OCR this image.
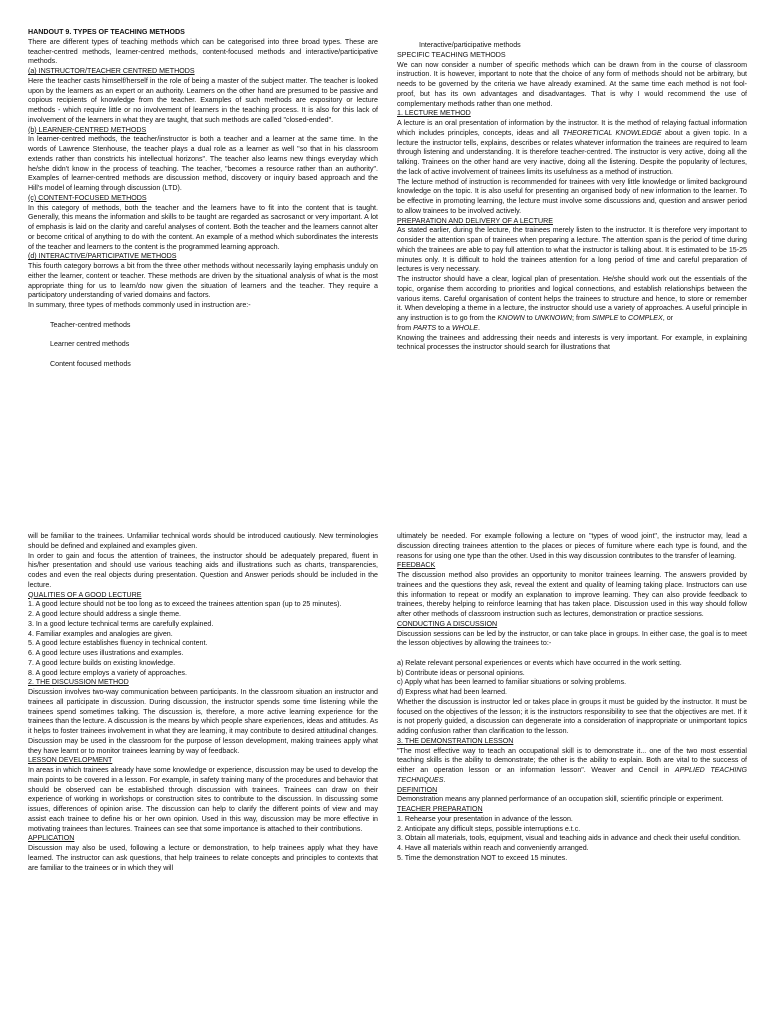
HANDOUT 9. TYPES OF TEACHING METHODS

There are different types of teaching methods which can be categorised into three broad types. These are teacher-centred methods, learner-centred methods, content-focused methods and interactive/participative methods.

(a) INSTRUCTOR/TEACHER CENTRED METHODS

Here the teacher casts himself/herself in the role of being a master of the subject matter. The teacher is looked upon by the learners as an expert or an authority. Learners on the other hand are presumed to be passive and copious recipients of knowledge from the teacher. Examples of such methods are expository or lecture methods - which require little or no involvement of learners in the teaching process. It is also for this lack of involvement of the learners in what they are taught, that such methods are called "closed-ended".

(b) LEARNER-CENTRED METHODS

In learner-centred methods, the teacher/instructor is both a teacher and a learner at the same time. In the words of Lawrence Stenhouse, the teacher plays a dual role as a learner as well "so that in his classroom extends rather than constricts his intellectual horizons". The teacher also learns new things everyday which he/she didn't know in the process of teaching. The teacher, "becomes a resource rather than an authority". Examples of learner-centred methods are discussion method, discovery or inquiry based approach and the Hill's model of learning through discussion (LTD).

(c) CONTENT-FOCUSED METHODS

In this category of methods, both the teacher and the learners have to fit into the content that is taught. Generally, this means the information and skills to be taught are regarded as sacrosanct or very important. A lot of emphasis is laid on the clarity and careful analyses of content. Both the teacher and the learners cannot alter or become critical of anything to do with the content. An example of a method which subordinates the interests of the teacher and learners to the content is the programmed learning approach.

(d) INTERACTIVE/PARTICIPATIVE METHODS

This fourth category borrows a bit from the three other methods without necessarily laying emphasis unduly on either the learner, content or teacher. These methods are driven by the situational analysis of what is the most appropriate thing for us to learn/do now given the situation of learners and the teacher. They require a participatory understanding of varied domains and factors.

In summary, three types of methods commonly used in instruction are:-

Teacher-centred methods

Learner centred methods

Content focused methods

Interactive/participative methods

SPECIFIC TEACHING METHODS

We can now consider a number of specific methods which can be drawn from in the course of classroom instruction. It is however, important to note that the choice of any form of methods should not be arbitrary, but needs to be governed by the criteria we have already examined. At the same time each method is not fool-proof, but has its own advantages and disadvantages. That is why I would recommend the use of complementary methods rather than one method.

1. LECTURE METHOD

A lecture is an oral presentation of information by the instructor. It is the method of relaying factual information which includes principles, concepts, ideas and all THEORETICAL KNOWLEDGE about a given topic. In a lecture the instructor tells, explains, describes or relates whatever information the trainees are required to learn through listening and understanding. It is therefore teacher-centred. The instructor is very active, doing all the talking. Trainees on the other hand are very inactive, doing all the listening. Despite the popularity of lectures, the lack of active involvement of trainees limits its usefulness as a method of instruction.

The lecture method of instruction is recommended for trainees with very little knowledge or limited background knowledge on the topic. It is also useful for presenting an organised body of new information to the learner. To be effective in promoting learning, the lecture must involve some discussions and, question and answer period to allow trainees to be involved actively.

PREPARATION AND DELIVERY OF A LECTURE

As stated earlier, during the lecture, the trainees merely listen to the instructor. It is therefore very important to consider the attention span of trainees when preparing a lecture. The attention span is the period of time during which the trainees are able to pay full attention to what the instructor is talking about. It is estimated to be 15-25 minutes only. It is difficult to hold the trainees attention for a long period of time and careful preparation of lectures is very necessary.

The instructor should have a clear, logical plan of presentation. He/she should work out the essentials of the topic, organise them according to priorities and logical connections, and establish relationships between the various items. Careful organisation of content helps the trainees to structure and hence, to store or remember it. When developing a theme in a lecture, the instructor should use a variety of approaches. A useful principle in any instruction is to go from the KNOWN to UNKNOWN; from SIMPLE to COMPLEX, or

from PARTS to a WHOLE.

Knowing the trainees and addressing their needs and interests is very important. For example, in explaining technical processes the instructor should search for illustrations that

will be familiar to the trainees. Unfamiliar technical words should be introduced cautiously. New terminologies should be defined and explained and examples given.

In order to gain and focus the attention of trainees, the instructor should be adequately prepared, fluent in his/her presentation and should use various teaching aids and illustrations such as charts, transparencies, codes and even the real objects during presentation. Question and Answer periods should be included in the lecture.

QUALITIES OF A GOOD LECTURE

1. A good lecture should not be too long as to exceed the trainees attention span (up to 25 minutes).

2. A good lecture should address a single theme.

3. In a good lecture technical terms are carefully explained.

4. Familiar examples and analogies are given.

5. A good lecture establishes fluency in technical content.

6. A good lecture uses illustrations and examples.

7. A good lecture builds on existing knowledge.

8. A good lecture employs a variety of approaches.

2. THE DISCUSSION METHOD

Discussion involves two-way communication between participants. In the classroom situation an instructor and trainees all participate in discussion. During discussion, the instructor spends some time listening while the trainees spend sometimes talking. The discussion is, therefore, a more active learning experience for the trainees than the lecture. A discussion is the means by which people share experiences, ideas and attitudes. As it helps to foster trainees involvement in what they are learning, it may contribute to desired attitudinal changes. Discussion may be used in the classroom for the purpose of lesson development, making trainees apply what they have learnt or to monitor trainees learning by way of feedback.

LESSON DEVELOPMENT

In areas in which trainees already have some knowledge or experience, discussion may be used to develop the main points to be covered in a lesson. For example, in safety training many of the procedures and behavior that should be observed can be established through discussion with trainees. Trainees can draw on their experience of working in workshops or construction sites to contribute to the discussion. In discussing some issues, differences of opinion arise. The discussion can help to clarify the different points of view and may assist each trainee to define his or her own opinion. Used in this way, discussion may be more effective in motivating trainees than lectures. Trainees can see that some importance is attached to their contributions.

APPLICATION

Discussion may also be used, following a lecture or demonstration, to help trainees apply what they have learned. The instructor can ask questions, that help trainees to relate concepts and principles to contexts that are familiar to the trainees or in which they will

ultimately be needed. For example following a lecture on "types of wood joint", the instructor may, lead a discussion directing trainees attention to the places or pieces of furniture where each type is found, and the reasons for using one type than the other. Used in this way discussion contributes to the transfer of learning.

FEEDBACK

The discussion method also provides an opportunity to monitor trainees learning. The answers provided by trainees and the questions they ask, reveal the extent and quality of learning taking place. Instructors can use this information to repeat or modify an explanation to improve learning. They can also provide feedback to trainees, thereby helping to reinforce learning that has taken place. Discussion used in this way should follow after other methods of classroom instruction such as lectures, demonstration or practice sessions.

CONDUCTING A DISCUSSION

Discussion sessions can be led by the instructor, or can take place in groups. In either case, the goal is to meet the lesson objectives by allowing the trainees to:-

a) Relate relevant personal experiences or events which have occurred in the work setting.

b) Contribute ideas or personal opinions.

c) Apply what has been learned to familiar situations or solving problems.

d) Express what had been learned.

Whether the discussion is instructor led or takes place in groups it must be guided by the instructor. It must be focused on the objectives of the lesson; it is the instructors responsibility to see that the objectives are met. If it is not properly guided, a discussion can degenerate into a consideration of inappropriate or unimportant topics adding confusion rather than clarification to the lesson.

3. THE DEMONSTRATION LESSON

"The most effective way to teach an occupational skill is to demonstrate it... one of the two most essential teaching skills is the ability to demonstrate; the other is the ability to explain. Both are vital to the success of either an operation lesson or an information lesson". Weaver and Cencil in APPLIED TEACHING TECHNIQUES.

DEFINITION

Demonstration means any planned performance of an occupation skill, scientific principle or experiment.

TEACHER PREPARATION

1. Rehearse your presentation in advance of the lesson.

2. Anticipate any difficult steps, possible interruptions e.t.c.

3. Obtain all materials, tools, equipment, visual and teaching aids in advance and check their useful condition.

4. Have all materials within reach and conveniently arranged.

5. Time the demonstration NOT to exceed 15 minutes.
